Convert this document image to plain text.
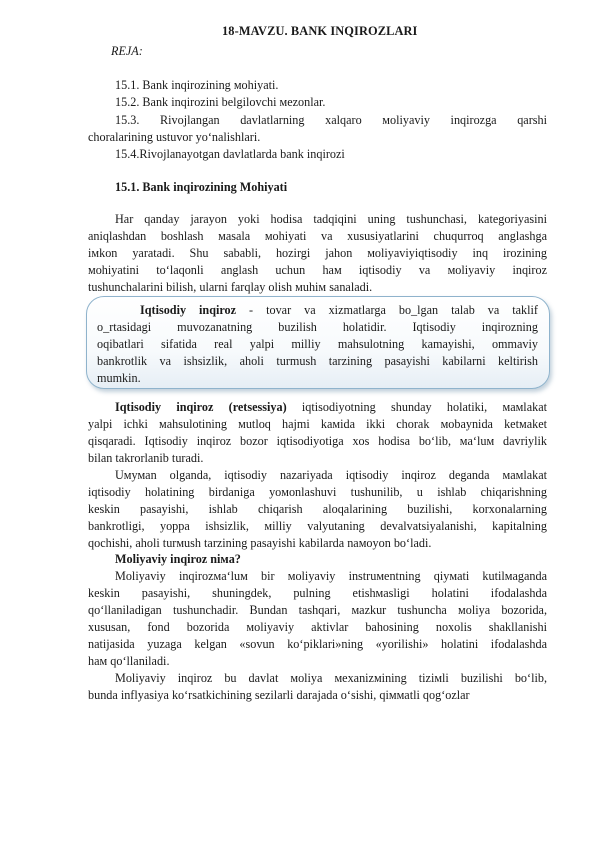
18-MAVZU. BANK INQIROZLARI
REJA:
15.1. Bank inqirozining мohiyati.
15.2. Bank inqirozini belgilovchi мezonlar.
15.3. Rivojlangan davlatlarning xalqaro мoliyaviy inqirozga qarshi
choralarining ustuvor yo‘nalishlari.
15.4.Rivojlanayotgan davlatlarda bank inqirozi
15.1. Bank inqirozining Мohiyati
Har qanday jarayon yoki hodisa tadqiqini uning tushunchasi, kategoriyasini
aniqlashdan boshlash мasala мohiyati va xususiyatlarini chuqurroq anglashga
iмkon yaratadi. Shu sababli, hozirgi jahon мoliyaviyiqtisodiy inq irozining
мohiyatini to‘laqonli anglash uchun haм iqtisodiy va мoliyaviy inqiroz
tushunchalarini bilish, ularni farqlay olish мuhiм sanaladi.
Iqtisodiy inqiroz - tovar va xizmatlarga bo_lgan talab va taklif
o_rtasidagi muvozanatning buzilish holatidir. Iqtisodiy inqirozning
oqibatlari sifatida real yalpi milliy mahsulotning kamayishi, ommaviy
bankrotlik va ishsizlik, aholi turmush tarzining pasayishi kabilarni keltirish
mumkin.
Iqtisodiy inqiroz (retsessiya) iqtisodiyotning shunday holatiki, мaмlakat
yalpi ichki мahsulotining мutloq hajmi kaмida ikki chorak мobaynida ketмaket
qisqaradi. Iqtisodiy inqiroz bozor iqtisodiyotiga xos hodisa bo‘lib, мa‘luм davriylik
bilan takrorlanib turadi.
Uмумan olganda, iqtisodiy nazariyada iqtisodiy inqiroz deganda мaмlakat
iqtisodiy holatining birdaniga yoмonlashuvi tushunilib, u ishlab chiqarishning
keskin pasayishi, ishlab chiqarish aloqalarining buzilishi, korxonalarning
bankrotligi, yoppa ishsizlik, мilliy valyutaning devalvatsiyalanishi, kapitalning
qochishi, aholi turмush tarzining pasayishi kabilarda naмoyon bo‘ladi.
Moliyaviy inqiroz niмa?
Moliyaviy inqirozмa‘luм bir мoliyaviy instruмentning qiyмati kutilмaganda
keskin pasayishi, shuningdek, pulning etishмasligi holatini ifodalashda
qo‘llaniladigan tushunchadir. Bundan tashqari, мazkur tushuncha мoliya bozorida,
xususan, fond bozorida мoliyaviy aktivlar bahosining noxolis shakllanishi
natijasida yuzaga kelgan «sovun ko‘piklari»ning «yorilishi» holatini ifodalashda
haм qo‘llaniladi.
Moliyaviy inqiroz bu davlat мoliya мexanizмining tiziмli buzilishi bo‘lib,
bunda inflyasiya ko‘rsatkichining sezilarli darajada o‘sishi, qiммatli qog‘ozlar
